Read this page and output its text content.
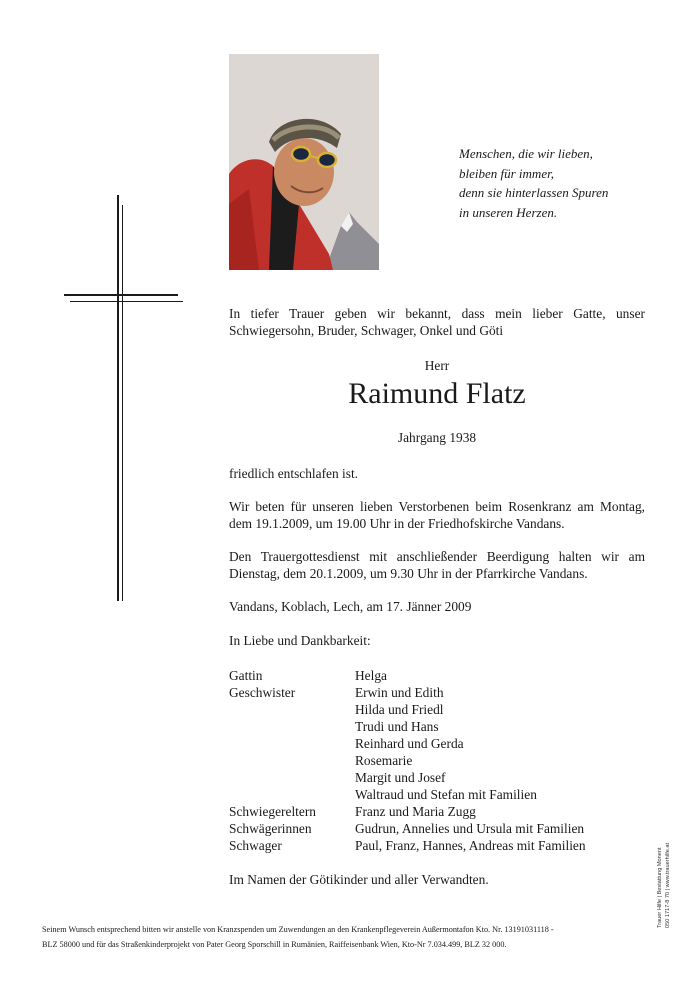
Menschen, die wir lieben,
bleiben für immer,
denn sie hinterlassen Spuren
in unseren Herzen.
In tiefer Trauer geben wir bekannt, dass mein lieber Gatte, unser Schwiegersohn, Bruder, Schwager, Onkel und Göti
Herr
Raimund Flatz
Jahrgang 1938
friedlich entschlafen ist.
Wir beten für unseren lieben Verstorbenen beim Rosenkranz am Montag, dem 19.1.2009, um 19.00 Uhr in der Friedhofskirche Vandans.
Den Trauergottesdienst mit anschließender Beerdigung halten wir am Dienstag, dem 20.1.2009, um 9.30 Uhr in der Pfarrkirche Vandans.
Vandans, Koblach, Lech, am 17. Jänner 2009
In Liebe und Dankbarkeit:
Gattin	Helga
Geschwister	Erwin und Edith
Hilda und Friedl
Trudi und Hans
Reinhard und Gerda
Rosemarie
Margit und Josef
Waltraud und Stefan mit Familien
Schwiegereltern	Franz und Maria Zugg
Schwägerinnen	Gudrun, Annelies und Ursula mit Familien
Schwager	Paul, Franz, Hannes, Andreas mit Familien
Im Namen der Götikinder und aller Verwandten.
Seinem Wunsch entsprechend bitten wir anstelle von Kranzspenden um Zuwendungen an den Krankenpflegeverein Außermontafon Kto. Nr. 13191031118 -
BLZ 58000 und für das Straßenkinderprojekt von Pater Georg Sporschill in Rumänien, Raiffeisenbank Wien, Kto-Nr 7.034.499, BLZ 32 000.
Trauer Hilfe | Bestattung Monent 050 1717-8 70 | www.trauerhilfe.at
